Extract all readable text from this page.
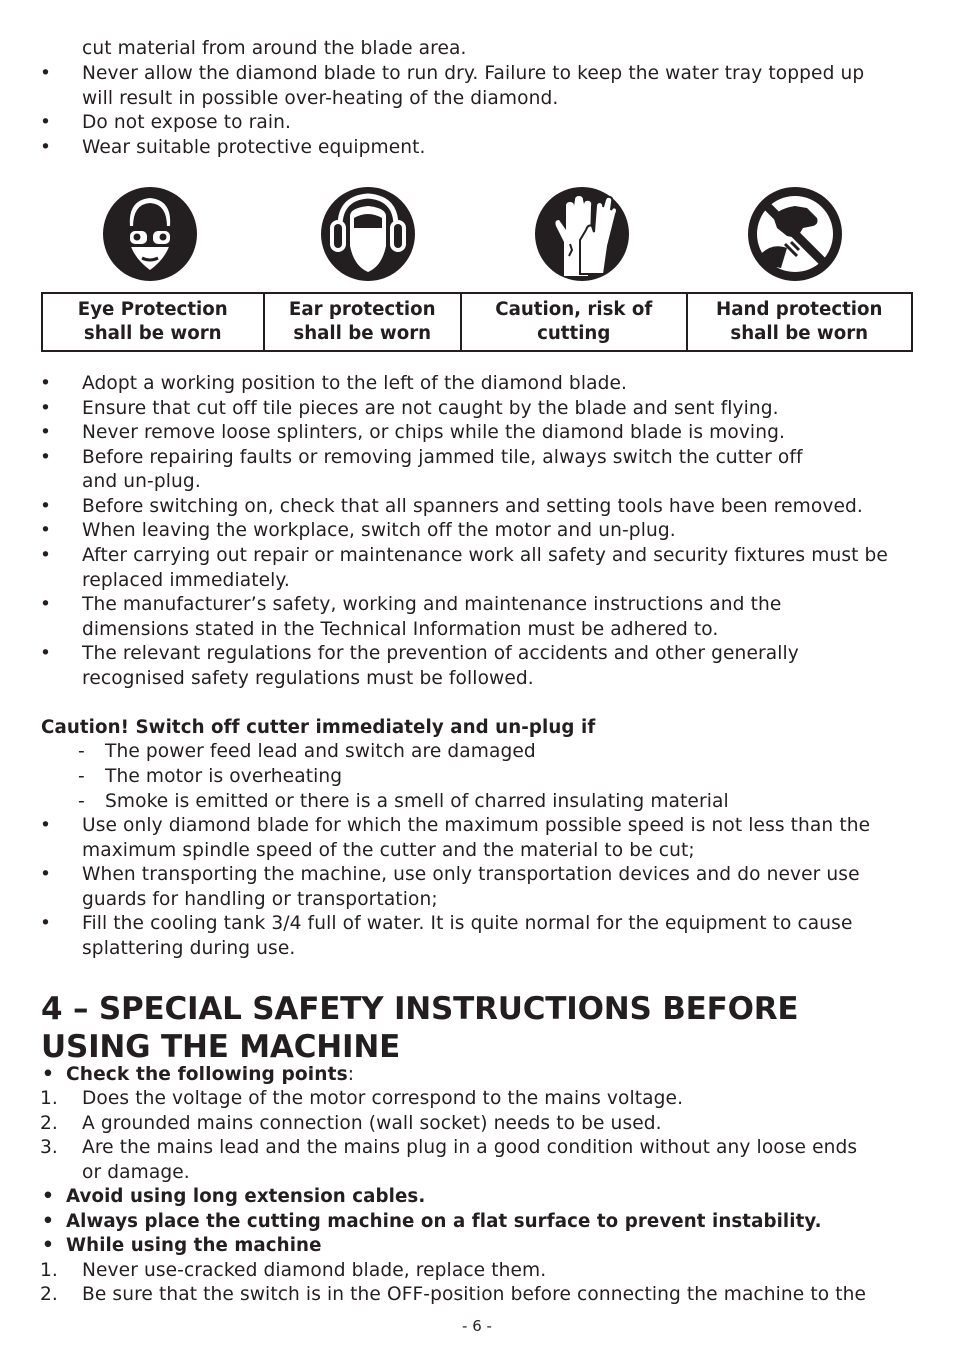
cut material from around the blade area.
• Never allow the diamond blade to run dry. Failure to keep the water tray topped up
will result in possible over-heating of the diamond.
• Do not expose to rain.
• Wear suitable protective equipment.
Eye Protection shall be worn
Ear protection shall be worn
Caution, risk of cutting
Hand protection shall be worn
• Adopt a working position to the left of the diamond blade.
• Ensure that cut off tile pieces are not caught by the blade and sent flying.
• Never remove loose splinters, or chips while the diamond blade is moving.
• Before repairing faults or removing jammed tile, always switch the cutter off
and un-plug.
• Before switching on, check that all spanners and setting tools have been removed.
• When leaving the workplace, switch off the motor and un-plug.
• After carrying out repair or maintenance work all safety and security fixtures must be
replaced immediately.
• The manufacturer’s safety, working and maintenance instructions and the
dimensions stated in the Technical Information must be adhered to.
• The relevant regulations for the prevention of accidents and other generally
recognised safety regulations must be followed.
Caution! Switch off cutter immediately and un-plug if
- The power feed lead and switch are damaged
- The motor is overheating
- Smoke is emitted or there is a smell of charred insulating material
• Use only diamond blade for which the maximum possible speed is not less than the
maximum spindle speed of the cutter and the material to be cut;
• When transporting the machine, use only transportation devices and do never use
guards for handling or transportation;
• Fill the cooling tank 3/4 full of water. It is quite normal for the equipment to cause
splattering during use.
4 – SPECIAL SAFETY INSTRUCTIONS BEFORE
USING THE MACHINE
• Check the following points:
1. Does the voltage of the motor correspond to the mains voltage.
2. A grounded mains connection (wall socket) needs to be used.
3. Are the mains lead and the mains plug in a good condition without any loose ends
or damage.
• Avoid using long extension cables.
• Always place the cutting machine on a flat surface to prevent instability.
• While using the machine
1. Never use-cracked diamond blade, replace them.
2. Be sure that the switch is in the OFF-position before connecting the machine to the
- 6 -
